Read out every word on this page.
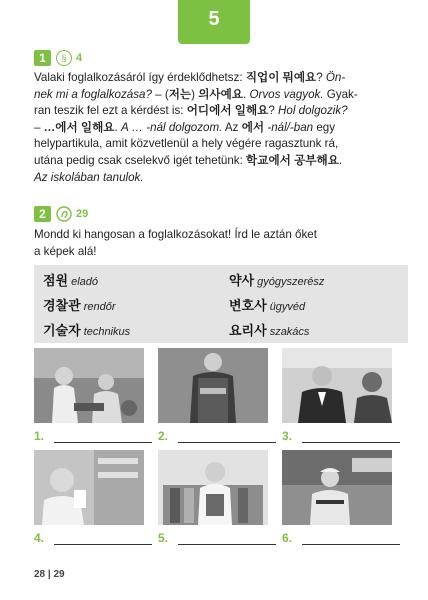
5
1	§ 4
Valaki foglalkozásáról így érdeklődhetsz: 직업이 뭐예요? Ön-
nek mi a foglalkozása? – (저는) 의사예요. Orvos vagyok. Gyak-
ran teszik fel ezt a kérdést is: 어디에서 일해요? Hol dolgozik?
– …에서 일해요. A … -nál dolgozom. Az 에서 -nál/-ban egy
helypartikula, amit közvetlenül a hely végére ragasztunk rá,
utána pedig csak cselekvő igét tehetünk: 학교에서 공부해요.
Az iskolában tanulok.
2	29
Mondd ki hangosan a foglalkozásokat! Írd le aztán őket
a képek alá!
점원 eladó	약사 gyógyszerész
경찰관 rendőr	변호사 ügyvéd
기술자 technikus	요리사 szakács
1.	2.	3.
4.	5.	6.
28 | 29
